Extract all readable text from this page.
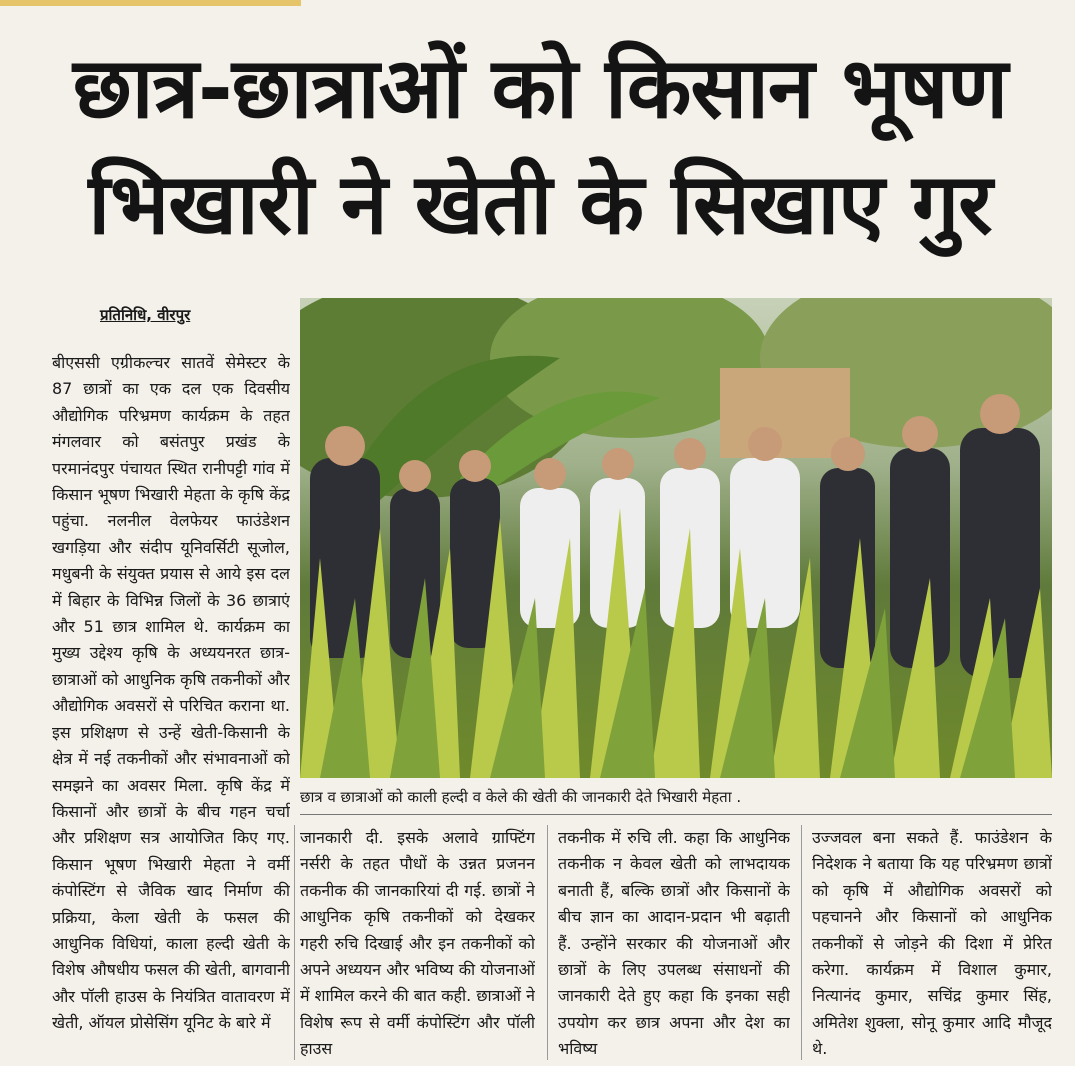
छात्र-छात्राओं को किसान भूषण
भिखारी ने खेती के सिखाए गुर
प्रतिनिधि, वीरपुर

बीएससी एग्रीकल्चर सातवें सेमेस्टर के 87 छात्रों का एक दल एक दिवसीय औद्योगिक परिभ्रमण कार्यक्रम के तहत मंगलवार को बसंतपुर प्रखंड के परमानंदपुर पंचायत स्थित रानीपट्टी गांव में किसान भूषण भिखारी मेहता के कृषि केंद्र पहुंचा. नलनील वेलफेयर फाउंडेशन खगड़िया और संदीप यूनिवर्सिटी सूजोल, मधुबनी के संयुक्त प्रयास से आये इस दल में बिहार के विभिन्न जिलों के 36 छात्राएं और 51 छात्र शामिल थे. कार्यक्रम का मुख्य उद्देश्य कृषि के अध्ययनरत छात्र-छात्राओं को आधुनिक कृषि तकनीकों और औद्योगिक अवसरों से परिचित कराना था. इस प्रशिक्षण से उन्हें खेती-किसानी के क्षेत्र में नई तकनीकों और संभावनाओं को समझने का अवसर मिला. कृषि केंद्र में किसानों और छात्रों के बीच गहन चर्चा और प्रशिक्षण सत्र आयोजित किए गए. किसान भूषण भिखारी मेहता ने वर्मी कंपोस्टिंग से जैविक खाद निर्माण की प्रक्रिया, केला खेती के फसल की आधुनिक विधियां, काला हल्दी खेती के विशेष औषधीय फसल की खेती, बागवानी और पॉली हाउस के नियंत्रित वातावरण में खेती, ऑयल प्रोसेसिंग यूनिट के बारे में

छात्र व छात्राओं को काली हल्दी व केले की खेती की जानकारी देते भिखारी मेहता .

जानकारी दी. इसके अलावे ग्राफ्टिंग नर्सरी के तहत पौधों के उन्नत प्रजनन तकनीक की जानकारियां दी गई. छात्रों ने आधुनिक कृषि तकनीकों को देखकर गहरी रुचि दिखाई और इन तकनीकों को अपने अध्ययन और भविष्य की योजनाओं में शामिल करने की बात कही. छात्राओं ने विशेष रूप से वर्मी कंपोस्टिंग और पॉली हाउस

तकनीक में रुचि ली. कहा कि आधुनिक तकनीक न केवल खेती को लाभदायक बनाती हैं, बल्कि छात्रों और किसानों के बीच ज्ञान का आदान-प्रदान भी बढ़ाती हैं. उन्होंने सरकार की योजनाओं और छात्रों के लिए उपलब्ध संसाधनों की जानकारी देते हुए कहा कि इनका सही उपयोग कर छात्र अपना और देश का भविष्य

उज्जवल बना सकते हैं. फाउंडेशन के निदेशक ने बताया कि यह परिभ्रमण छात्रों को कृषि में औद्योगिक अवसरों को पहचानने और किसानों को आधुनिक तकनीकों से जोड़ने की दिशा में प्रेरित करेगा. कार्यक्रम में विशाल कुमार, नित्यानंद कुमार, सचिंद्र कुमार सिंह, अमितेश शुक्ला, सोनू कुमार आदि मौजूद थे.
